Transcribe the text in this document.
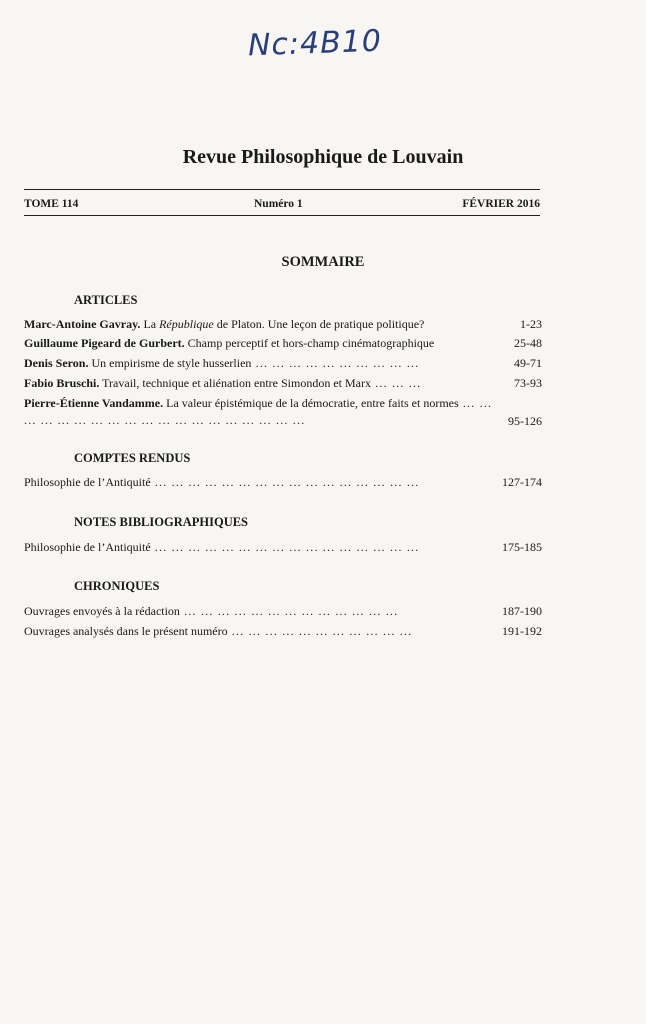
Nc:4B10
Revue Philosophique de Louvain
TOME 114	Numéro 1	FÉVRIER 2016
SOMMAIRE
ARTICLES
Marc-Antoine Gavray. La République de Platon. Une leçon de pratique politique?	1-23
Guillaume Pigeard de Gurbert. Champ perceptif et hors-champ cinématographique	25-48
Denis Seron. Un empirisme de style husserlien ... ... ... ... ... ... ... ... ... ...	49-71
Fabio Bruschi. Travail, technique et aliénation entre Simondon et Marx ... ... ...	73-93
Pierre-Étienne Vandamme. La valeur épistémique de la démocratie, entre faits et normes ... ... ... ... ... ... ... ... ... ... ... ... ... ... ... ... ... ... ...	95-126
COMPTES RENDUS
Philosophie de l’Antiquité ... ... ... ... ... ... ... ... ... ... ... ... ... ... ... ...	127-174
NOTES BIBLIOGRAPHIQUES
Philosophie de l’Antiquité ... ... ... ... ... ... ... ... ... ... ... ... ... ... ... ...	175-185
CHRONIQUES
Ouvrages envoyés à la rédaction ... ... ... ... ... ... ... ... ... ... ... ... ...	187-190
Ouvrages analysés dans le présent numéro ... ... ... ... ... ... ... ... ... ... ...	191-192
